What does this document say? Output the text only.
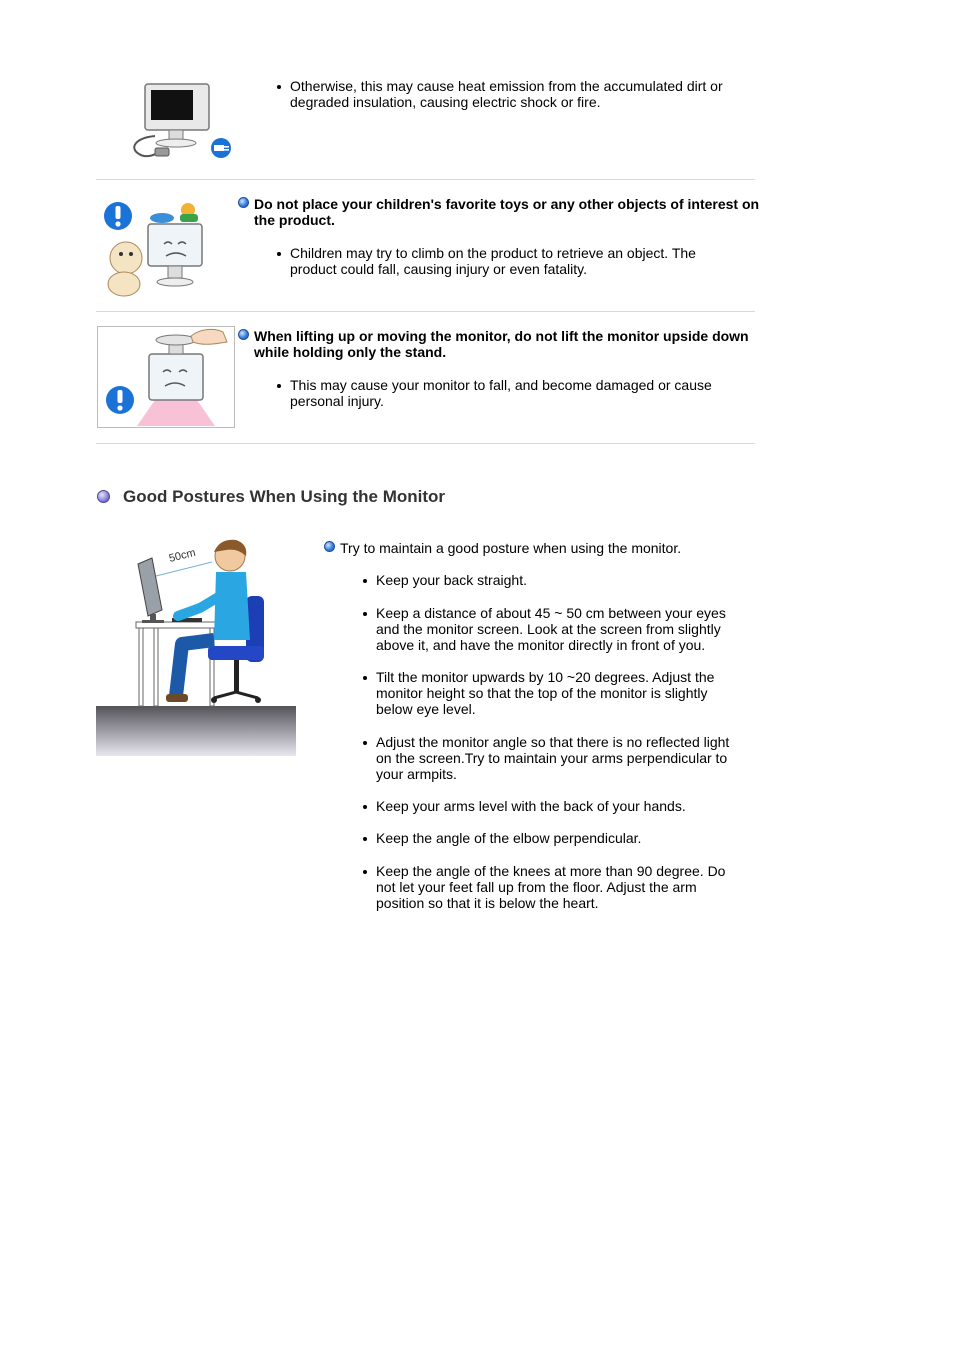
Otherwise, this may cause heat emission from the accumulated dirt or degraded insulation, causing electric shock or fire.
Do not place your children's favorite toys or any other objects of interest on the product.
Children may try to climb on the product to retrieve an object. The product could fall, causing injury or even fatality.
When lifting up or moving the monitor, do not lift the monitor upside down while holding only the stand.
This may cause your monitor to fall, and become damaged or cause personal injury.
Good Postures When Using the Monitor
50cm	Try to maintain a good posture when using the monitor.
Keep your back straight.
Keep a distance of about 45 ~ 50 cm between your eyes and the monitor screen. Look at the screen from slightly above it, and have the monitor directly in front of you.
Tilt the monitor upwards by 10 ~20 degrees. Adjust the monitor height so that the top of the monitor is slightly below eye level.
Adjust the monitor angle so that there is no reflected light on the screen.Try to maintain your arms perpendicular to your armpits.
Keep your arms level with the back of your hands.
Keep the angle of the elbow perpendicular.
Keep the angle of the knees at more than 90 degree. Do not let your feet fall up from the floor. Adjust the arm position so that it is below the heart.
